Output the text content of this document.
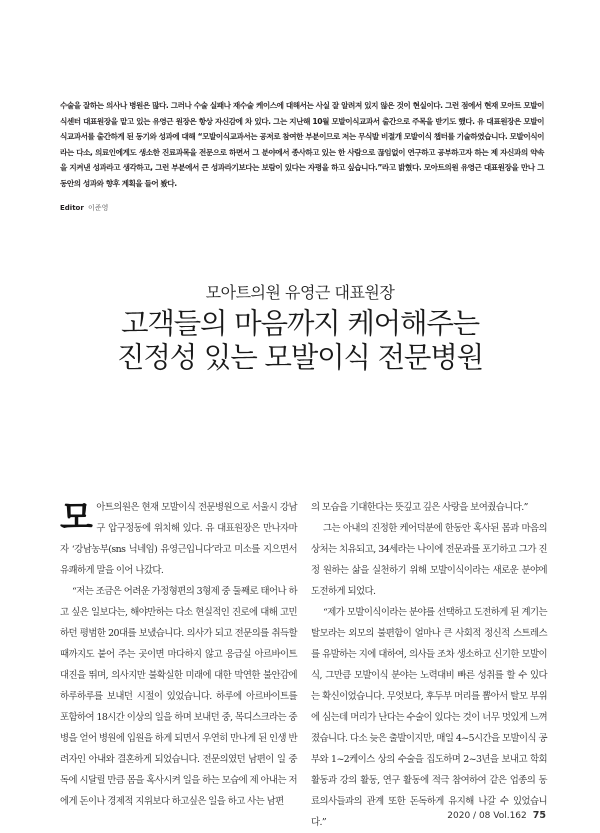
수술을 잘하는 의사나 병원은 많다. 그러나 수술 실패나 재수술 케이스에 대해서는 사실 잘 알려져 있지 않은 것이 현실이다. 그런 점에서 현재 모아트 모발이식센터 대표원장을 맡고 있는 유영근 원장은 항상 자신감에 차 있다. 그는 지난해 10월 모발이식교과서 출간으로 주목을 받기도 했다. 유 대표원장은 모발이식교과서를 출간하게 된 동기와 성과에 대해 “모발이식교과서는 공저로 참여한 부분이므로 저는 무식발 비절개 모발이식 챕터를 기술하였습니다. 모발이식이라는 다소, 의료인에게도 생소한 진료과목을 전문으로 하면서 그 분야에서 종사하고 있는 한 사람으로 끊임없이 연구하고 공부하고자 하는 제 자신과의 약속을 지켜낸 성과라고 생각하고, 그런 부분에서 큰 성과라기보다는 보람이 있다는 자평을 하고 싶습니다.”라고 밝혔다. 모아트의원 유영근 대표원장을 만나 그동안의 성과와 향후 계획을 들어 봤다.

Editor 이준영
모아트의원 유영근 대표원장
고객들의 마음까지 케어해주는
진정성 있는 모발이식 전문병원

모아트의원은 현재 모발이식 전문병원으로 서울시 강남구 압구정동에 위치해 있다. 유 대표원장은 만나자마자 ‘강남농부(sns 닉네임) 유영근입니다’라고 미소를 지으면서 유쾌하게 말을 이어 나갔다.

“저는 조금은 어려운 가정형편의 3형제 중 둘째로 태어나 하고 싶은 일보다는, 해야만하는 다소 현실적인 진로에 대해 고민하던 평범한 20대를 보냈습니다. 의사가 되고 전문의를 취득할 때까지도 붙어 주는 곳이면 마다하지 않고 응급실 아르바이트 대진을 뛰며, 의사지만 불확실한 미래에 대한 막연한 불안감에 하루하루를 보내던 시절이 있었습니다. 하루에 아르바이트를 포함하여 18시간 이상의 일을 하며 보내던 중, 목디스크라는 중병을 얻어 병원에 입원을 하게 되면서 우연히 만나게 된 인생 반려자인 아내와 결혼하게 되었습니다. 전문의였던 남편이 일 중독에 시달릴 만큼 몸을 혹사시켜 일을 하는 모습에 제 아내는 저에게 돈이나 경제적 지위보다 하고싶은 일을 하고 사는 남편

의 모습을 기대한다는 뜻깊고 깊은 사랑을 보여줬습니다.”

그는 아내의 진정한 케어덕분에 한동안 혹사된 몸과 마음의 상처는 치유되고, 34세라는 나이에 전문과를 포기하고 그가 진정 원하는 삶을 실천하기 위해 모발이식이라는 새로운 분야에 도전하게 되었다.

“제가 모발이식이라는 분야를 선택하고 도전하게 된 계기는 탈모라는 외모의 불편함이 얼마나 큰 사회적 정신적 스트레스를 유발하는 지에 대하여, 의사들 조차 생소하고 신기한 모발이식, 그만큼 모발이식 분야는 노력대비 빠른 성취를 할 수 있다는 확신이었습니다. 무엇보다, 후두부 머리를 뽑아서 탈모 부위에 심는데 머리가 난다는 수술이 있다는 것이 너무 멋있게 느껴졌습니다. 다소 늦은 출발이지만, 매일 4~5시간을 모발이식 공부와 1~2케이스 상의 수술을 집도하며 2~3년을 보내고 학회 활동과 강의 활동, 연구 활동에 적극 참여하여 같은 업종의 동료의사들과의 관계 또한 돈독하게 유지해 나갈 수 있었습니다.”

2020 / 08 Vol.162 75
